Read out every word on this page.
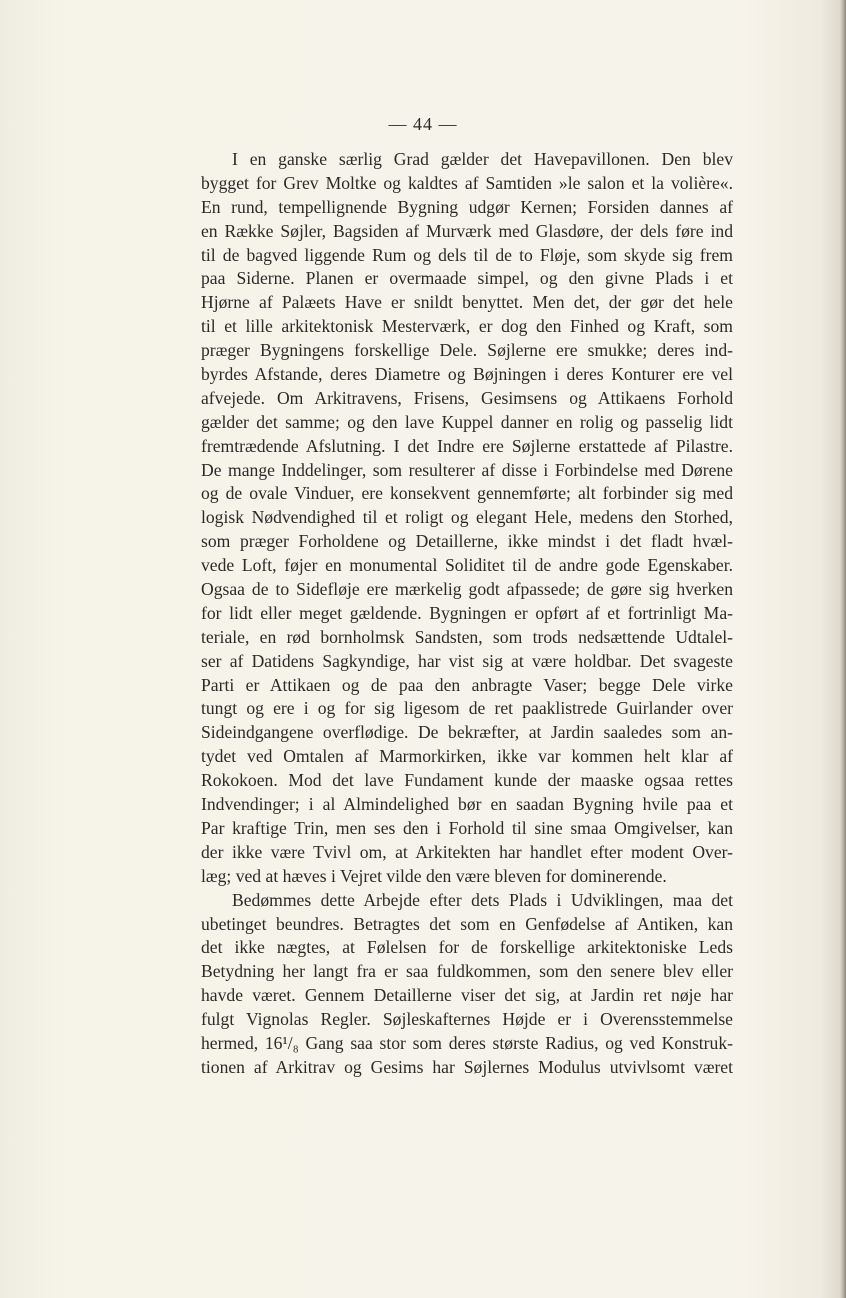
— 44 —
I en ganske særlig Grad gælder det Havepavillonen. Den blev
bygget for Grev Moltke og kaldtes af Samtiden »le salon et la volière«.
En rund, tempellignende Bygning udgør Kernen; Forsiden dannes af
en Række Søjler, Bagsiden af Murværk med Glasdøre, der dels føre ind
til de bagved liggende Rum og dels til de to Fløje, som skyde sig frem
paa Siderne. Planen er overmaade simpel, og den givne Plads i et
Hjørne af Palæets Have er snildt benyttet. Men det, der gør det hele
til et lille arkitektonisk Mesterværk, er dog den Finhed og Kraft, som
præger Bygningens forskellige Dele. Søjlerne ere smukke; deres ind-
byrdes Afstande, deres Diametre og Bøjningen i deres Konturer ere vel
afvejede. Om Arkitravens, Frisens, Gesimsens og Attikaens Forhold
gælder det samme; og den lave Kuppel danner en rolig og passelig lidt
fremtrædende Afslutning. I det Indre ere Søjlerne erstattede af Pilastre.
De mange Inddelinger, som resulterer af disse i Forbindelse med Dørene
og de ovale Vinduer, ere konsekvent gennemførte; alt forbinder sig med
logisk Nødvendighed til et roligt og elegant Hele, medens den Storhed,
som præger Forholdene og Detaillerne, ikke mindst i det fladt hvæl-
vede Loft, føjer en monumental Soliditet til de andre gode Egenskaber.
Ogsaa de to Sidefløje ere mærkelig godt afpassede; de gøre sig hverken
for lidt eller meget gældende. Bygningen er opført af et fortrinligt Ma-
teriale, en rød bornholmsk Sandsten, som trods nedsættende Udtalel-
ser af Datidens Sagkyndige, har vist sig at være holdbar. Det svageste
Parti er Attikaen og de paa den anbragte Vaser; begge Dele virke
tungt og ere i og for sig ligesom de ret paaklistrede Guirlander over
Sideindgangene overflødige. De bekræfter, at Jardin saaledes som an-
tydet ved Omtalen af Marmorkirken, ikke var kommen helt klar af
Rokokoen. Mod det lave Fundament kunde der maaske ogsaa rettes
Indvendinger; i al Almindelighed bør en saadan Bygning hvile paa et
Par kraftige Trin, men ses den i Forhold til sine smaa Omgivelser, kan
der ikke være Tvivl om, at Arkitekten har handlet efter modent Over-
læg; ved at hæves i Vejret vilde den være bleven for dominerende.
Bedømmes dette Arbejde efter dets Plads i Udviklingen, maa det
ubetinget beundres. Betragtes det som en Genfødelse af Antiken, kan
det ikke nægtes, at Følelsen for de forskellige arkitektoniske Leds
Betydning her langt fra er saa fuldkommen, som den senere blev eller
havde været. Gennem Detaillerne viser det sig, at Jardin ret nøje har
fulgt Vignolas Regler. Søjleskafternes Højde er i Overensstemmelse
hermed, 16¹/₈ Gang saa stor som deres største Radius, og ved Konstruk-
tionen af Arkitrav og Gesims har Søjlernes Modulus utvivlsomt været
